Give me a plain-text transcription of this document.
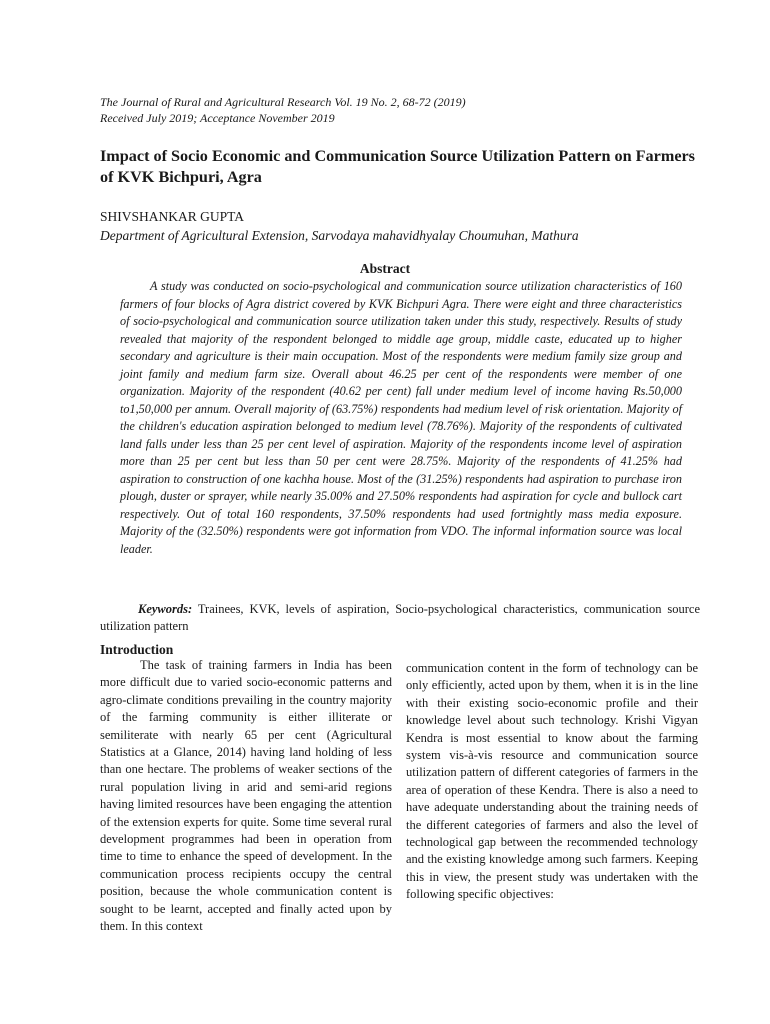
The Journal of Rural and Agricultural Research Vol. 19 No. 2, 68-72 (2019)
Received July 2019; Acceptance November 2019
Impact of Socio Economic and Communication Source Utilization Pattern on Farmers of KVK Bichpuri, Agra
SHIVSHANKAR GUPTA
Department of Agricultural Extension, Sarvodaya mahavidhyalay Choumuhan, Mathura
Abstract

A study was conducted on socio-psychological and communication source utilization characteristics of 160 farmers of four blocks of Agra district covered by KVK Bichpuri Agra. There were eight and three characteristics of socio-psychological and communication source utilization taken under this study, respectively. Results of study revealed that majority of the respondent belonged to middle age group, middle caste, educated up to higher secondary and agriculture is their main occupation. Most of the respondents were medium family size group and joint family and medium farm size. Overall about 46.25 per cent of the respondents were member of one organization. Majority of the respondent (40.62 per cent) fall under medium level of income having Rs.50,000 to1,50,000 per annum. Overall majority of (63.75%) respondents had medium level of risk orientation. Majority of the children's education aspiration belonged to medium level (78.76%). Majority of the respondents of cultivated land falls under less than 25 per cent level of aspiration. Majority of the respondents income level of aspiration more than 25 per cent but less than 50 per cent were 28.75%. Majority of the respondents of 41.25% had aspiration to construction of one kachha house. Most of the (31.25%) respondents had aspiration to purchase iron plough, duster or sprayer, while nearly 35.00% and 27.50% respondents had aspiration for cycle and bullock cart respectively. Out of total 160 respondents, 37.50% respondents had used fortnightly mass media exposure. Majority of the (32.50%) respondents were got information from VDO. The informal information source was local leader.

Keywords: Trainees, KVK, levels of aspiration, Socio-psychological characteristics, communication source utilization pattern

Introduction

The task of training farmers in India has been more difficult due to varied socio-economic patterns and agro-climate conditions prevailing in the country majority of the farming community is either illiterate or semiliterate with nearly 65 per cent (Agricultural Statistics at a Glance, 2014) having land holding of less than one hectare. The problems of weaker sections of the rural population living in arid and semi-arid regions having limited resources have been engaging the attention of the extension experts for quite. Some time several rural development programmes had been in operation from time to time to enhance the speed of development. In the communication process recipients occupy the central position, because the whole communication content is sought to be learnt, accepted and finally acted upon by them. In this context

communication content in the form of technology can be only efficiently, acted upon by them, when it is in the line with their existing socio-economic profile and their knowledge level about such technology. Krishi Vigyan Kendra is most essential to know about the farming system vis-à-vis resource and communication source utilization pattern of different categories of farmers in the area of operation of these Kendra. There is also a need to have adequate understanding about the training needs of the different categories of farmers and also the level of technological gap between the recommended technology and the existing knowledge among such farmers. Keeping this in view, the present study was undertaken with the following specific objectives:
